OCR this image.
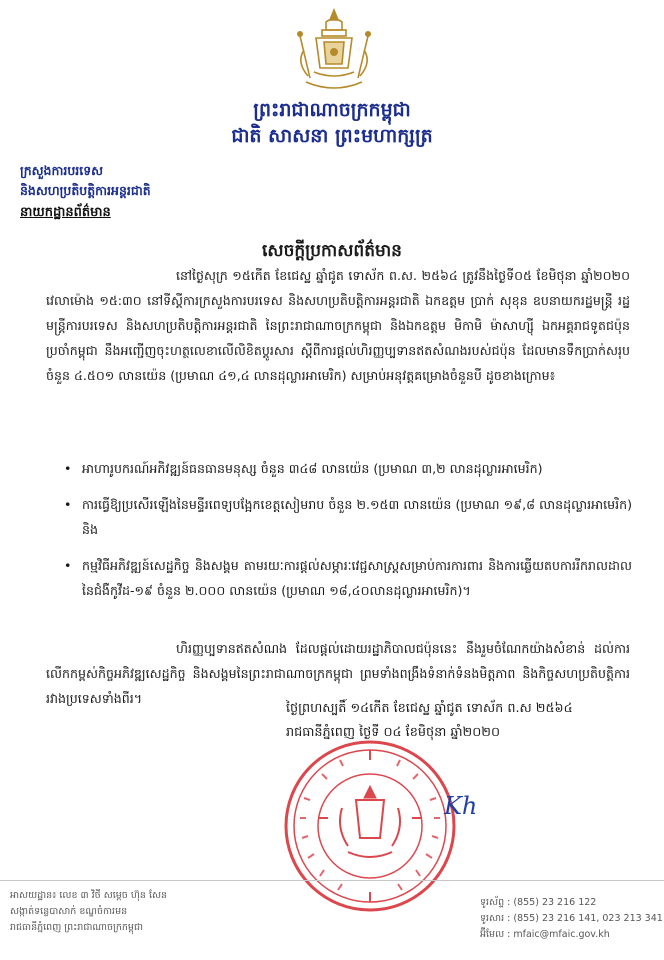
ព្រះរាជាណាចក្រកម្ពុជា
ជាតិ សាសនា ព្រះមហាក្សត្រ
ក្រសួងការបរទេស
និងសហប្រតិបត្តិការអន្តរជាតិ
នាយកដ្ឋានព័ត៌មាន
សេចក្តីប្រកាសព័ត៌មាន
នៅថ្ងៃសុក្រ ១៥កើត ខែជេស្ឋ ឆ្នាំជូត ទោស័ក ព.ស. ២៥៦៤ ត្រូវនឹងថ្ងៃទី០៥ ខែមិថុនា ឆ្នាំ២០២០ វេលាម៉ោង ១៥:៣០ នៅទីស្តីការក្រសួងការបរទេស និងសហប្រតិបត្តិការអន្តរជាតិ ឯកឧត្តម ប្រាក់ សុខុន ឧបនាយករដ្ឋមន្ត្រី រដ្ឋមន្ត្រីការបរទេស និងសហប្រតិបត្តិការអន្តរជាតិ នៃព្រះរាជាណាចក្រកម្ពុជា និងឯកឧត្តម មិកាមិ ម៉ាសាហ្ស៊ី ឯកអគ្គរាជទូតជប៉ុន ប្រចាំកម្ពុជា នឹងអញ្ជើញចុះហត្ថលេខាលើលិខិតប្តូរសារ ស្តីពីការផ្តល់ហិរញ្ញប្បទានឥតសំណងរបស់ជប៉ុន ដែលមានទឹកប្រាក់សរុបចំនួន ៤.៥០១ លានយ៉េន (ប្រមាណ ៤១,៤ លានដុល្លារអាមេរិក) សម្រាប់អនុវត្តគម្រោងចំនួនបី ដូចខាងក្រោម៖
• អាហារូបករណ៍អភិវឌ្ឍន៍ធនធានមនុស្ស ចំនួន ៣៤៨ លានយ៉េន (ប្រមាណ ៣,២ លានដុល្លារអាមេរិក)
• ការធ្វើឱ្យប្រសើរឡើងនៃមន្ទីរពេទ្យបង្អែកខេត្តសៀមរាប ចំនួន ២.១៥៣ លានយ៉េន (ប្រមាណ ១៩,៨ លានដុល្លារអាមេរិក) និង
• កម្មវិធីអភិវឌ្ឍន៍សេដ្ឋកិច្ច និងសង្គម តាមរយៈការផ្តល់សម្ភារៈវេជ្ជសាស្ត្រសម្រាប់ការការពារ និងការឆ្លើយតបការរីករាលដាលនៃជំងឺកូវីដ-១៩ ចំនួន ២.០០០ លានយ៉េន (ប្រមាណ ១៨,៤០លានដុល្លារអាមេរិក)។
ហិរញ្ញប្បទានឥតសំណង ដែលផ្តល់ដោយរដ្ឋាភិបាលជប៉ុននេះ នឹងរួមចំណែកយ៉ាងសំខាន់ ដល់ការលើកកម្ពស់កិច្ចអភិវឌ្ឍសេដ្ឋកិច្ច និងសង្គមនៃព្រះរាជាណាចក្រកម្ពុជា ព្រមទាំងពង្រឹងទំនាក់ទំនងមិត្តភាព និងកិច្ចសហប្រតិបត្តិការ រវាងប្រទេសទាំងពីរ។
ថ្ងៃព្រហស្បតិ៍ ១៤កើត ខែជេស្ឋ ឆ្នាំជូត ទោស័ក ព.ស ២៥៦៤
រាជធានីភ្នំពេញ ថ្ងៃទី ០៤ ខែមិថុនា ឆ្នាំ២០២០
Kh
អាសយដ្ឋាន៖ លេខ ៣ វិថី សម្តេច ហ៊ុន សែន
សង្កាត់ទន្លេបាសាក់ ខណ្ឌចំការមន
រាជធានីភ្នំពេញ ព្រះរាជាណាចក្រកម្ពុជា
ទូរស័ព្ទ : (855) 23 216 122
ទូរសារ : (855) 23 216 141, 023 213 341
អ៊ីមែល : mfaic@mfaic.gov.kh
